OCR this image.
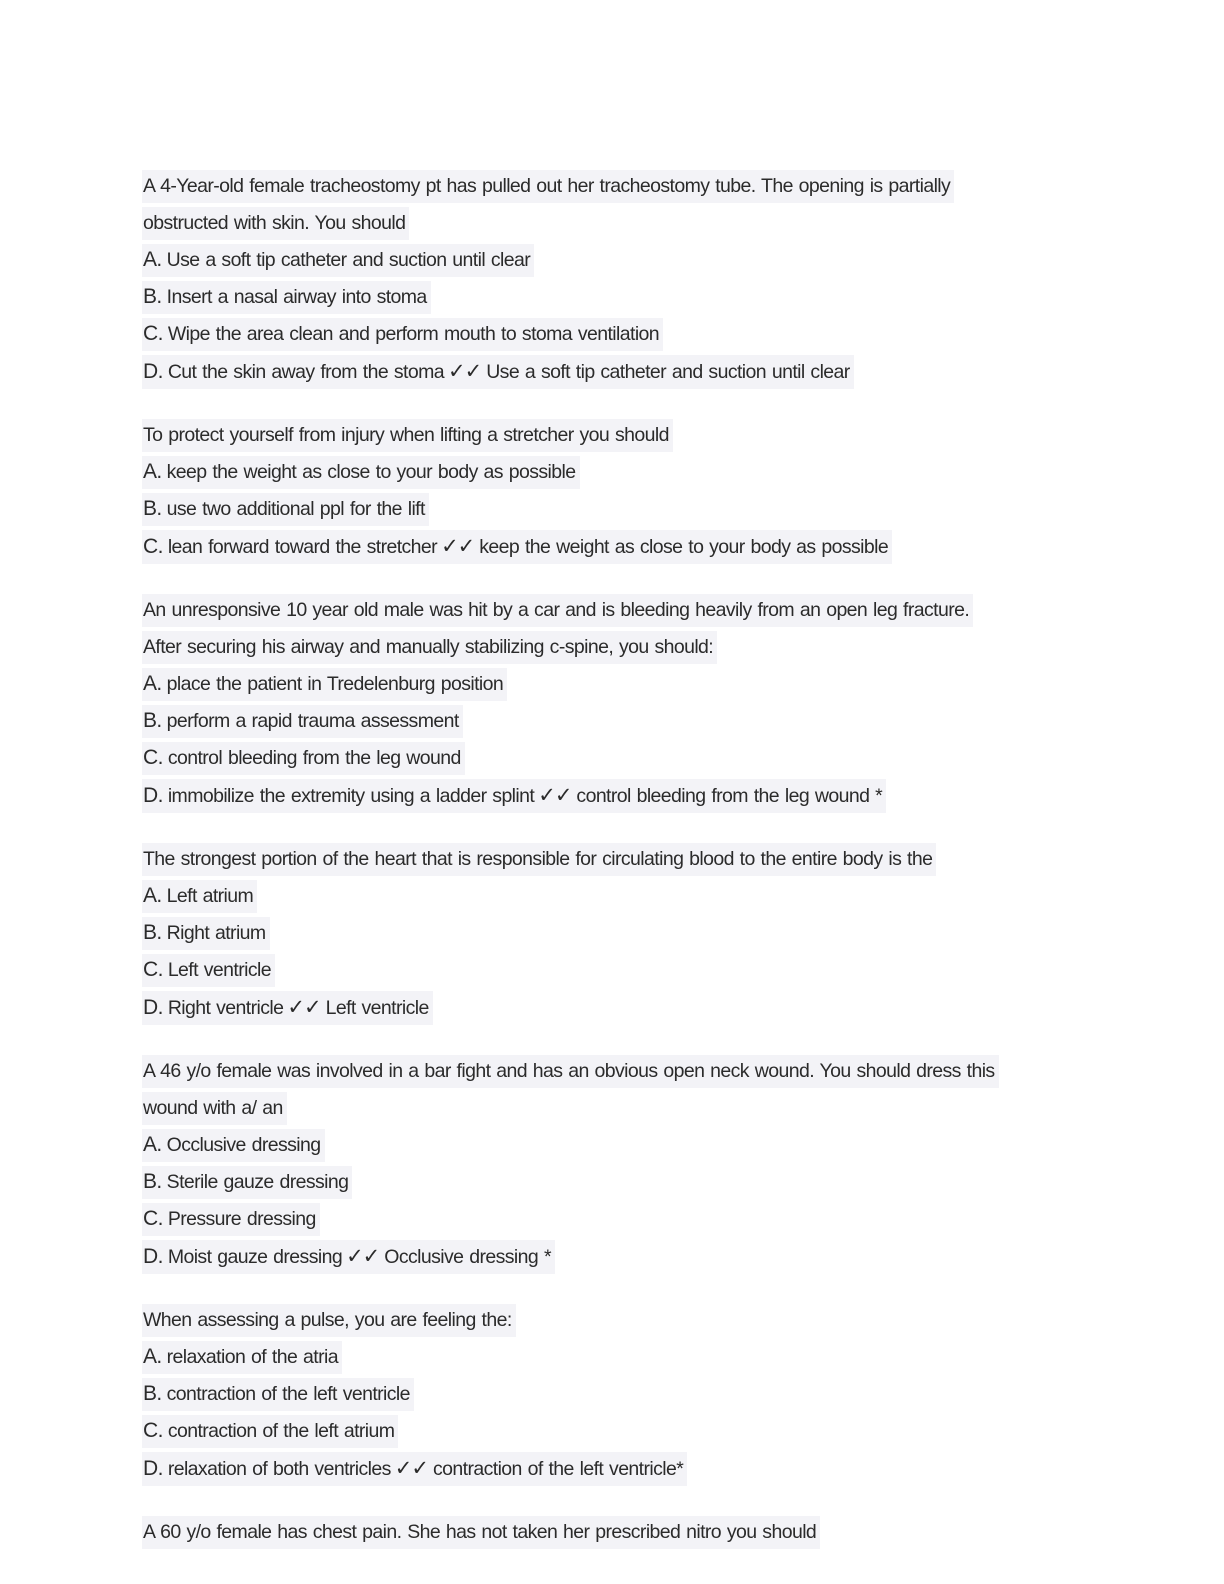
A 4-Year-old female tracheostomy pt has pulled out her tracheostomy tube. The opening is partially
obstructed with skin. You should
A. Use a soft tip catheter and suction until clear
B. Insert a nasal airway into stoma
C. Wipe the area clean and perform mouth to stoma ventilation
D. Cut the skin away from the stoma ✓✓ Use a soft tip catheter and suction until clear
To protect yourself from injury when lifting a stretcher you should
A. keep the weight as close to your body as possible
B. use two additional ppl for the lift
C. lean forward toward the stretcher ✓✓ keep the weight as close to your body as possible
An unresponsive 10 year old male was hit by a car and is bleeding heavily from an open leg fracture.
After securing his airway and manually stabilizing c-spine, you should:
A. place the patient in Tredelenburg position
B. perform a rapid trauma assessment
C. control bleeding from the leg wound
D. immobilize the extremity using a ladder splint ✓✓ control bleeding from the leg wound *
The strongest portion of the heart that is responsible for circulating blood to the entire body is the
A. Left atrium
B. Right atrium
C. Left ventricle
D. Right ventricle ✓✓ Left ventricle
A 46 y/o female was involved in a bar fight and has an obvious open neck wound. You should dress this
wound with a/ an
A. Occlusive dressing
B. Sterile gauze dressing
C. Pressure dressing
D. Moist gauze dressing ✓✓ Occlusive dressing *
When assessing a pulse, you are feeling the:
A. relaxation of the atria
B. contraction of the left ventricle
C. contraction of the left atrium
D. relaxation of both ventricles ✓✓ contraction of the left ventricle*
A 60 y/o female has chest pain. She has not taken her prescribed nitro you should
